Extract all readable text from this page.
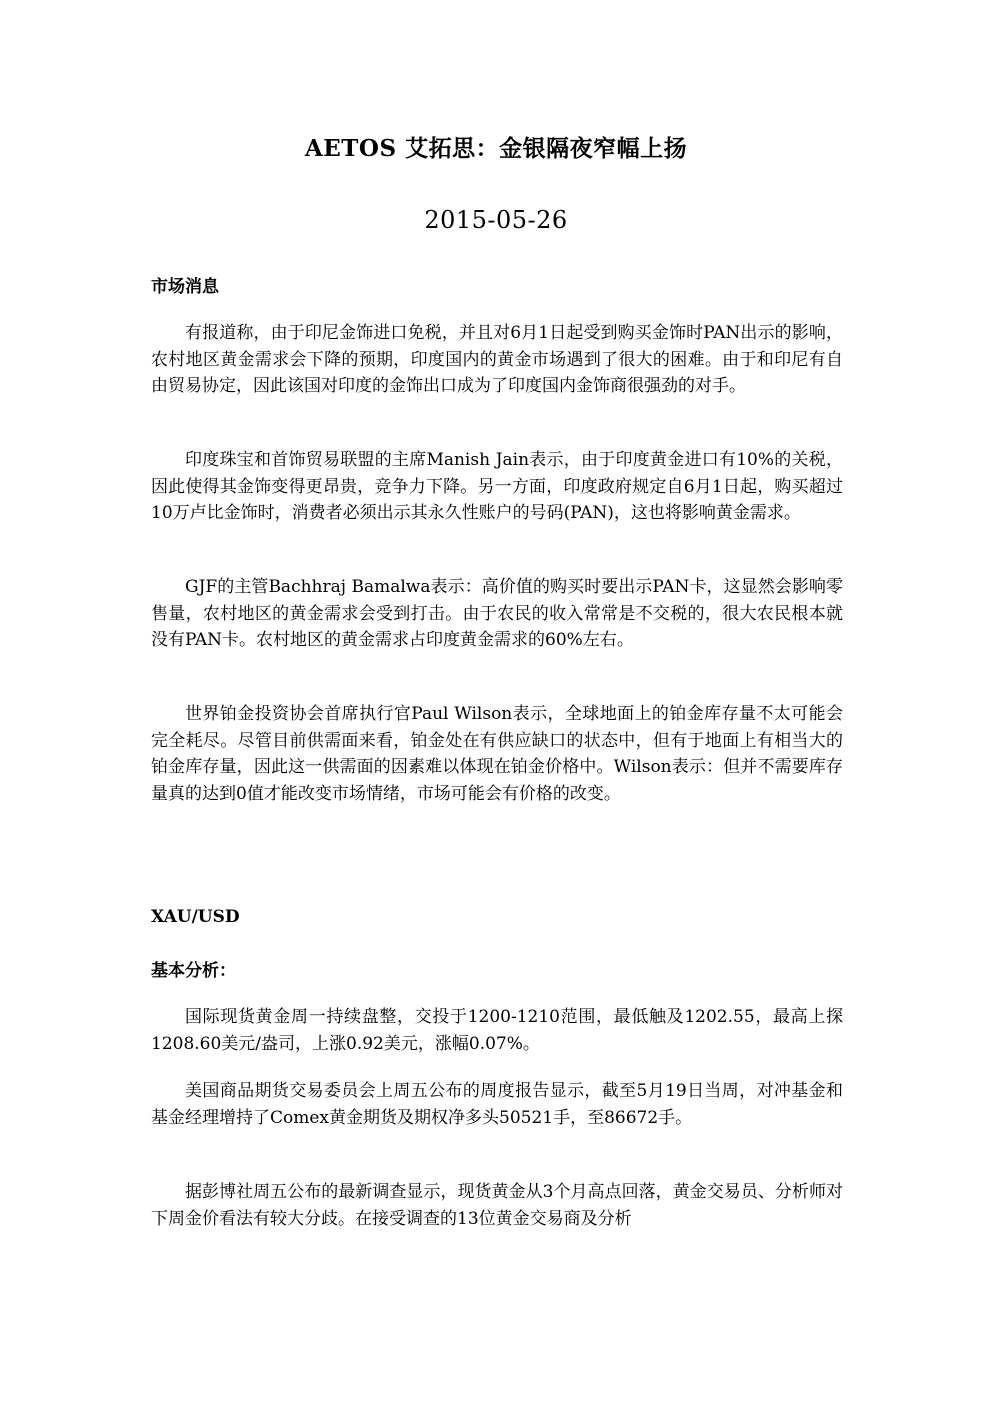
AETOS 艾拓思：金银隔夜窄幅上扬
2015-05-26
市场消息

有报道称，由于印尼金饰进口免税，并且对6月1日起受到购买金饰时PAN出示的影响，农村地区黄金需求会下降的预期，印度国内的黄金市场遇到了很大的困难。由于和印尼有自由贸易协定，因此该国对印度的金饰出口成为了印度国内金饰商很强劲的对手。

印度珠宝和首饰贸易联盟的主席Manish Jain表示，由于印度黄金进口有10%的关税，因此使得其金饰变得更昂贵，竞争力下降。另一方面，印度政府规定自6月1日起，购买超过10万卢比金饰时，消费者必须出示其永久性账户的号码(PAN)，这也将影响黄金需求。

GJF的主管Bachhraj Bamalwa表示：高价值的购买时要出示PAN卡，这显然会影响零售量，农村地区的黄金需求会受到打击。由于农民的收入常常是不交税的，很大农民根本就没有PAN卡。农村地区的黄金需求占印度黄金需求的60%左右。

世界铂金投资协会首席执行官Paul Wilson表示，全球地面上的铂金库存量不太可能会完全耗尽。尽管目前供需面来看，铂金处在有供应缺口的状态中，但有于地面上有相当大的铂金库存量，因此这一供需面的因素难以体现在铂金价格中。Wilson表示：但并不需要库存量真的达到0值才能改变市场情绪，市场可能会有价格的改变。

XAU/USD
基本分析：

国际现货黄金周一持续盘整，交投于1200-1210范围，最低触及1202.55，最高上探1208.60美元/盎司，上涨0.92美元，涨幅0.07%。

美国商品期货交易委员会上周五公布的周度报告显示，截至5月19日当周，对冲基金和基金经理增持了Comex黄金期货及期权净多头50521手，至86672手。

据彭博社周五公布的最新调查显示，现货黄金从3个月高点回落，黄金交易员、分析师对下周金价看法有较大分歧。在接受调查的13位黄金交易商及分析
